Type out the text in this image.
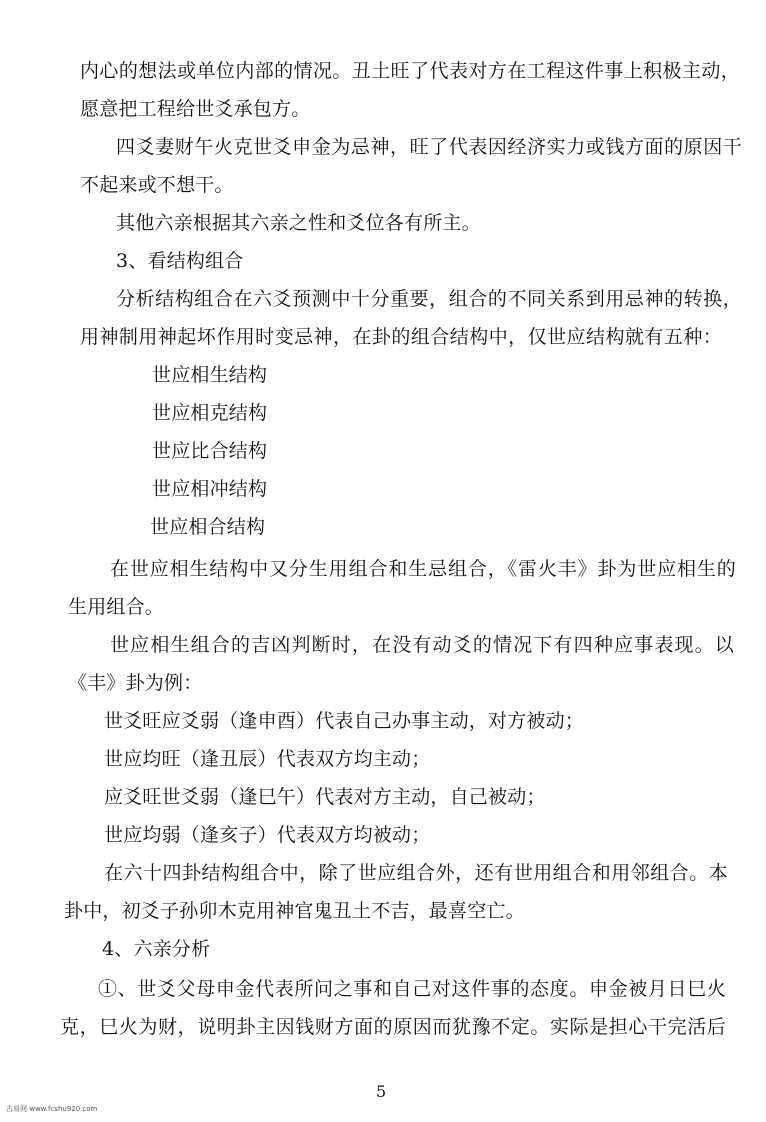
内心的想法或单位内部的情况。丑土旺了代表对方在工程这件事上积极主动，
愿意把工程给世爻承包方。
四爻妻财午火克世爻申金为忌神，旺了代表因经济实力或钱方面的原因干
不起来或不想干。
其他六亲根据其六亲之性和爻位各有所主。
3、看结构组合
分析结构组合在六爻预测中十分重要，组合的不同关系到用忌神的转换，
用神制用神起坏作用时变忌神，在卦的组合结构中，仅世应结构就有五种：
世应相生结构
世应相克结构
世应比合结构
世应相冲结构
世应相合结构
在世应相生结构中又分生用组合和生忌组合，《雷火丰》卦为世应相生的
生用组合。
世应相生组合的吉凶判断时，在没有动爻的情况下有四种应事表现。以
《丰》卦为例：
世爻旺应爻弱（逢申酉）代表自己办事主动，对方被动；
世应均旺（逢丑辰）代表双方均主动；
应爻旺世爻弱（逢巳午）代表对方主动，自己被动；
世应均弱（逢亥子）代表双方均被动；
在六十四卦结构组合中，除了世应组合外，还有世用组合和用邻组合。本
卦中，初爻子孙卯木克用神官鬼丑土不吉，最喜空亡。
4、六亲分析
①、世爻父母申金代表所问之事和自己对这件事的态度。申金被月日巳火
克，巳火为财，说明卦主因钱财方面的原因而犹豫不定。实际是担心干完活后
5
古易网 www.fcshu920.com
